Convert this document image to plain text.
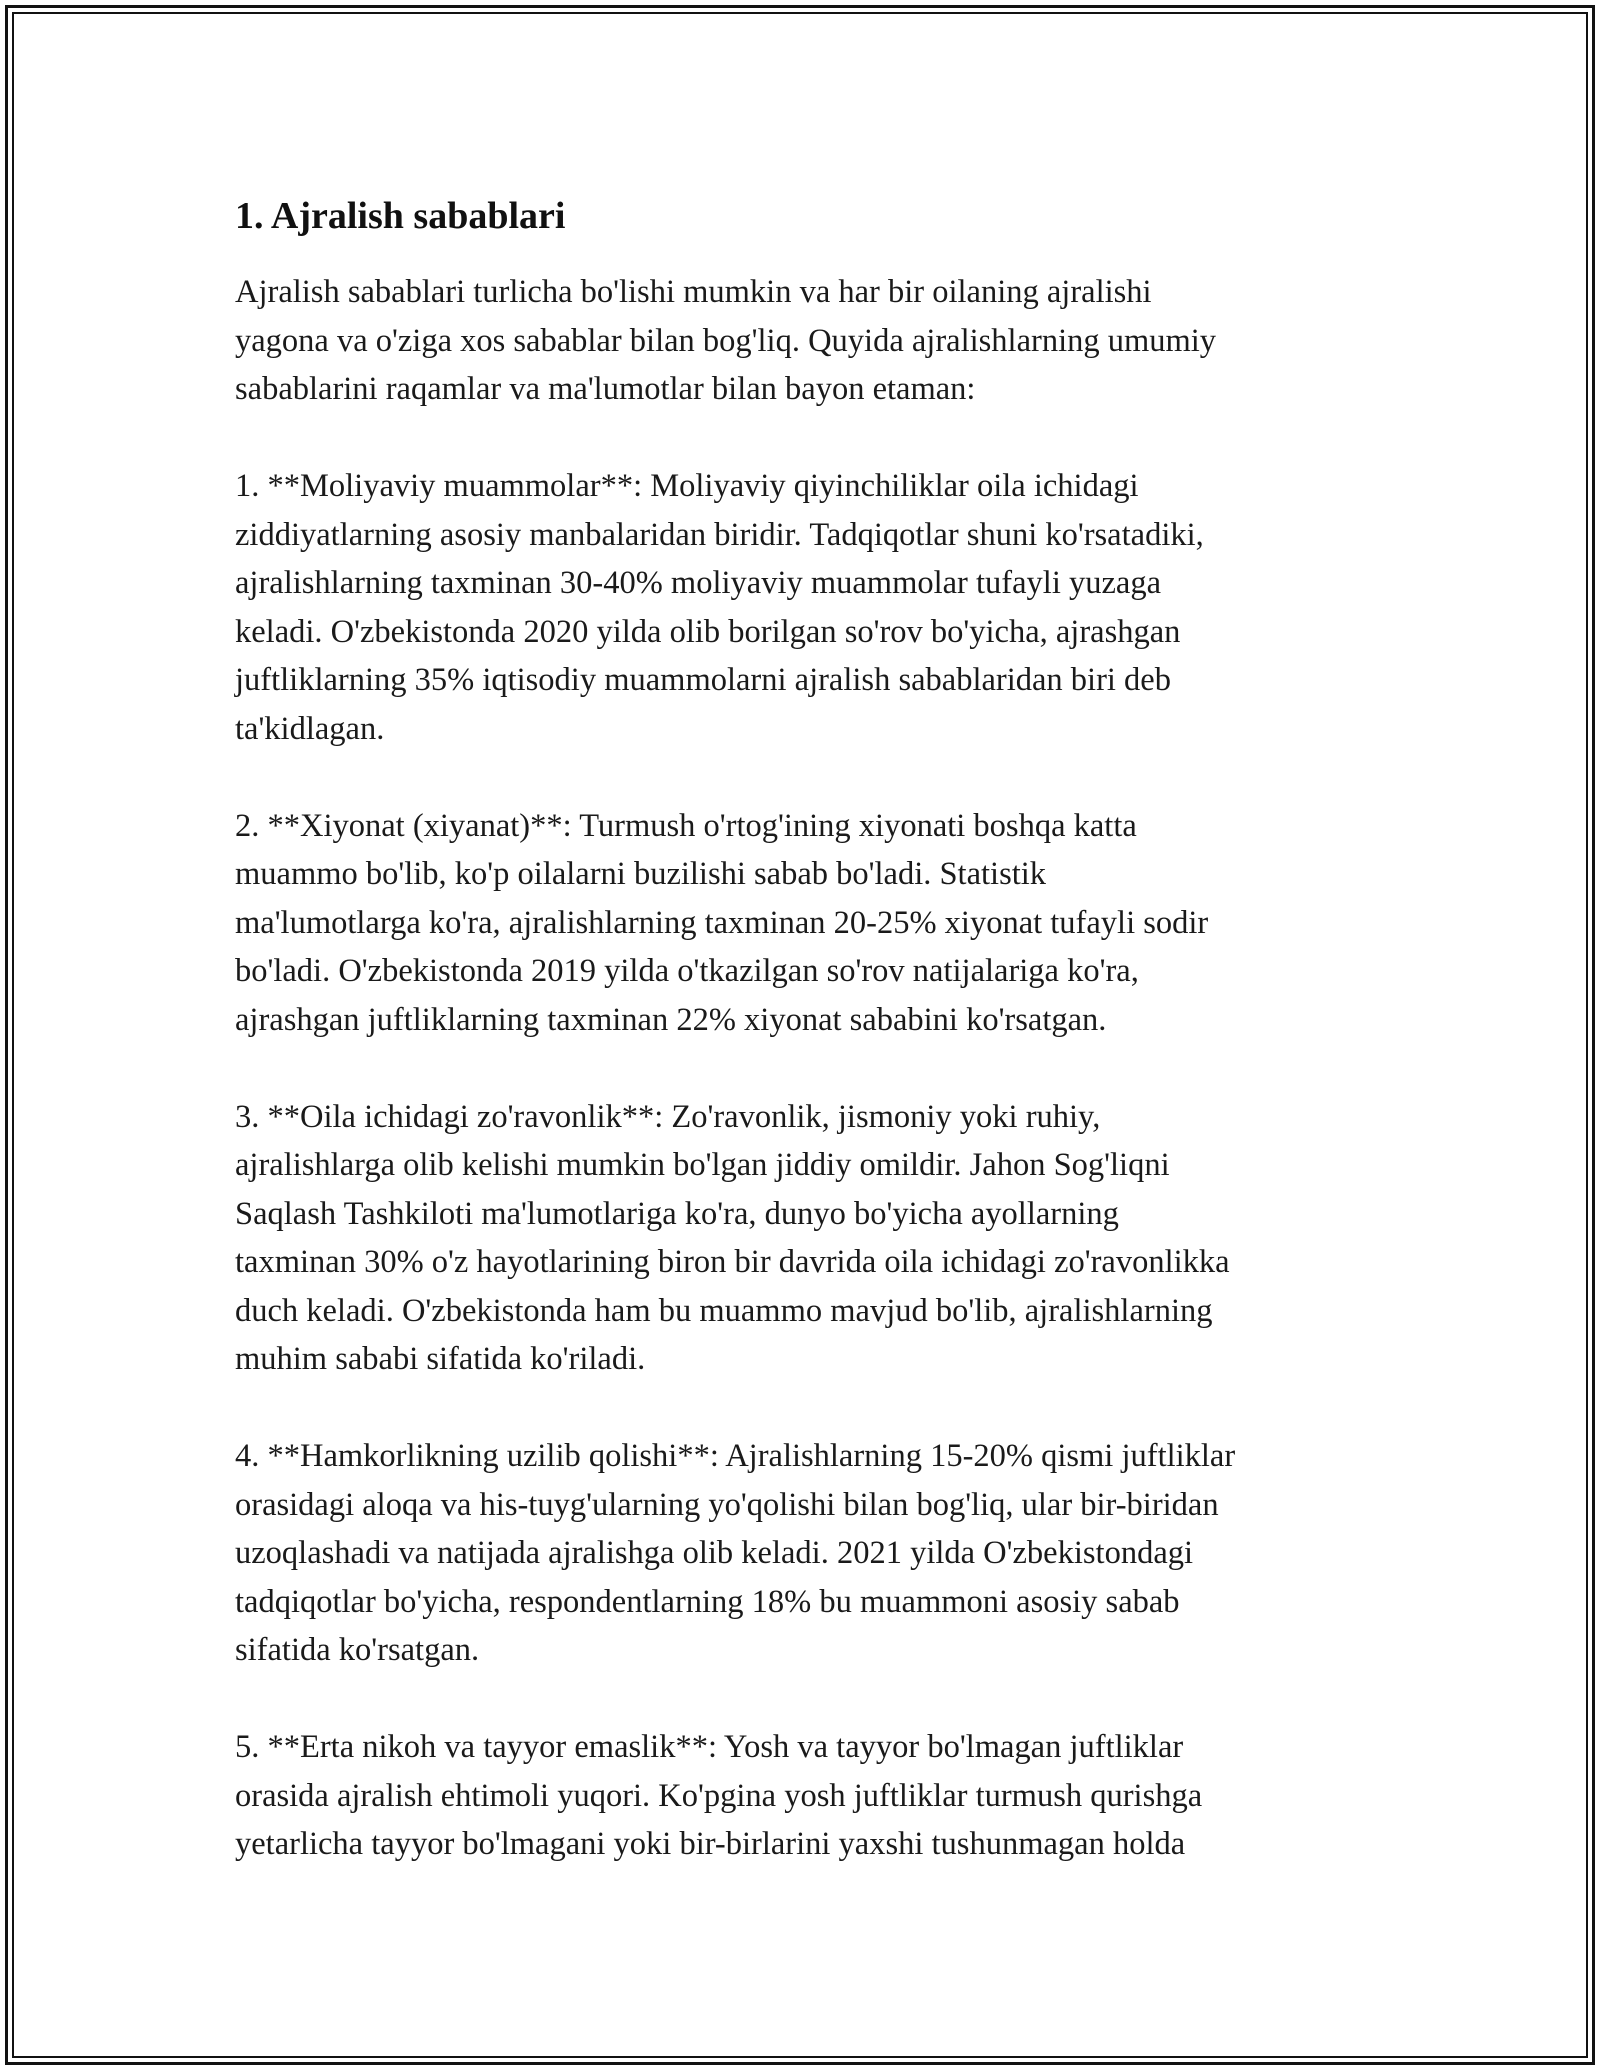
1. Ajralish sabablari

Ajralish sabablari turlicha bo'lishi mumkin va har bir oilaning ajralishi
yagona va o'ziga xos sabablar bilan bog'liq. Quyida ajralishlarning umumiy
sabablarini raqamlar va ma'lumotlar bilan bayon etaman:

1. **Moliyaviy muammolar**: Moliyaviy qiyinchiliklar oila ichidagi
ziddiyatlarning asosiy manbalaridan biridir. Tadqiqotlar shuni ko'rsatadiki,
ajralishlarning taxminan 30-40% moliyaviy muammolar tufayli yuzaga
keladi. O'zbekistonda 2020 yilda olib borilgan so'rov bo'yicha, ajrashgan
juftliklarning 35% iqtisodiy muammolarni ajralish sabablaridan biri deb
ta'kidlagan.

2. **Xiyonat (xiyanat)**: Turmush o'rtog'ining xiyonati boshqa katta
muammo bo'lib, ko'p oilalarni buzilishi sabab bo'ladi. Statistik
ma'lumotlarga ko'ra, ajralishlarning taxminan 20-25% xiyonat tufayli sodir
bo'ladi. O'zbekistonda 2019 yilda o'tkazilgan so'rov natijalariga ko'ra,
ajrashgan juftliklarning taxminan 22% xiyonat sababini ko'rsatgan.

3. **Oila ichidagi zo'ravonlik**: Zo'ravonlik, jismoniy yoki ruhiy,
ajralishlarga olib kelishi mumkin bo'lgan jiddiy omildir. Jahon Sog'liqni
Saqlash Tashkiloti ma'lumotlariga ko'ra, dunyo bo'yicha ayollarning
taxminan 30% o'z hayotlarining biron bir davrida oila ichidagi zo'ravonlikka
duch keladi. O'zbekistonda ham bu muammo mavjud bo'lib, ajralishlarning
muhim sababi sifatida ko'riladi.

4. **Hamkorlikning uzilib qolishi**: Ajralishlarning 15-20% qismi juftliklar
orasidagi aloqa va his-tuyg'ularning yo'qolishi bilan bog'liq, ular bir-biridan
uzoqlashadi va natijada ajralishga olib keladi. 2021 yilda O'zbekistondagi
tadqiqotlar bo'yicha, respondentlarning 18% bu muammoni asosiy sabab
sifatida ko'rsatgan.

5. **Erta nikoh va tayyor emaslik**: Yosh va tayyor bo'lmagan juftliklar
orasida ajralish ehtimoli yuqori. Ko'pgina yosh juftliklar turmush qurishga
yetarlicha tayyor bo'lmagani yoki bir-birlarini yaxshi tushunmagan holda
